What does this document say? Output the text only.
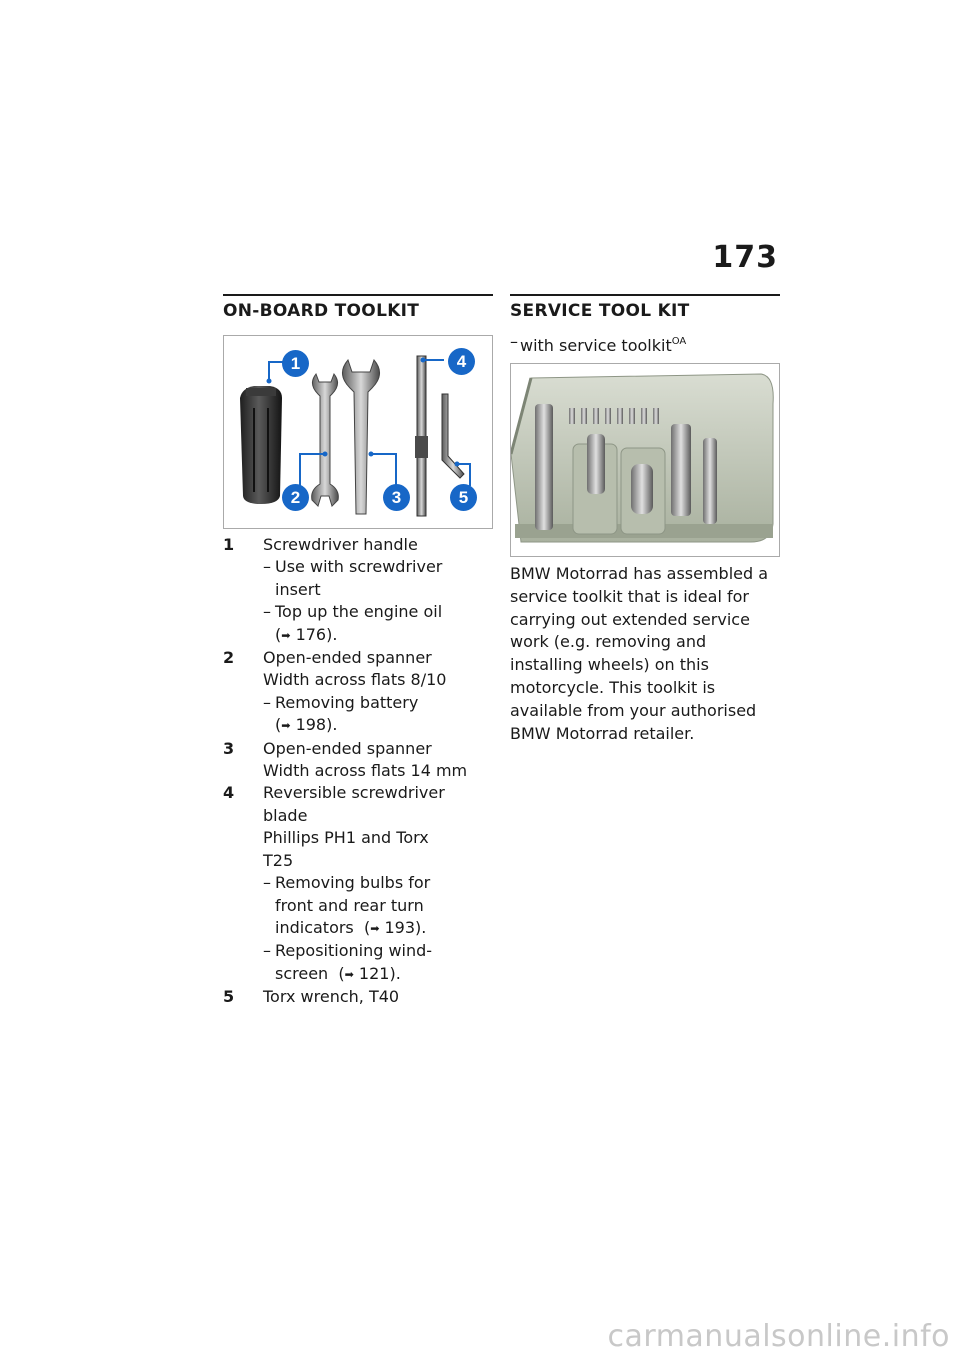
173
ON-BOARD TOOLKIT
1
2	3
4
5
1 Screwdriver handle
– Use with screwdriver
insert
– Top up the engine oil
(➡ 176).
2 Open-ended spanner
Width across flats 8/10
– Removing battery
(➡ 198).
3 Open-ended spanner
Width across flats 14 mm
4 Reversible screwdriver
blade
Phillips PH1 and Torx
T25
– Removing bulbs for
front and rear turn
indicators  (➡ 193).
– Repositioning wind-
screen  (➡ 121).
5 Torx wrench, T40
SERVICE TOOL KIT
– with service toolkit$^{OA}$
BMW Motorrad has assembled a service toolkit that is ideal for carrying out extended service work (e.g. removing and installing wheels) on this motorcycle. This toolkit is available from your authorised BMW Motorrad retailer.
carmanualsonline.info
